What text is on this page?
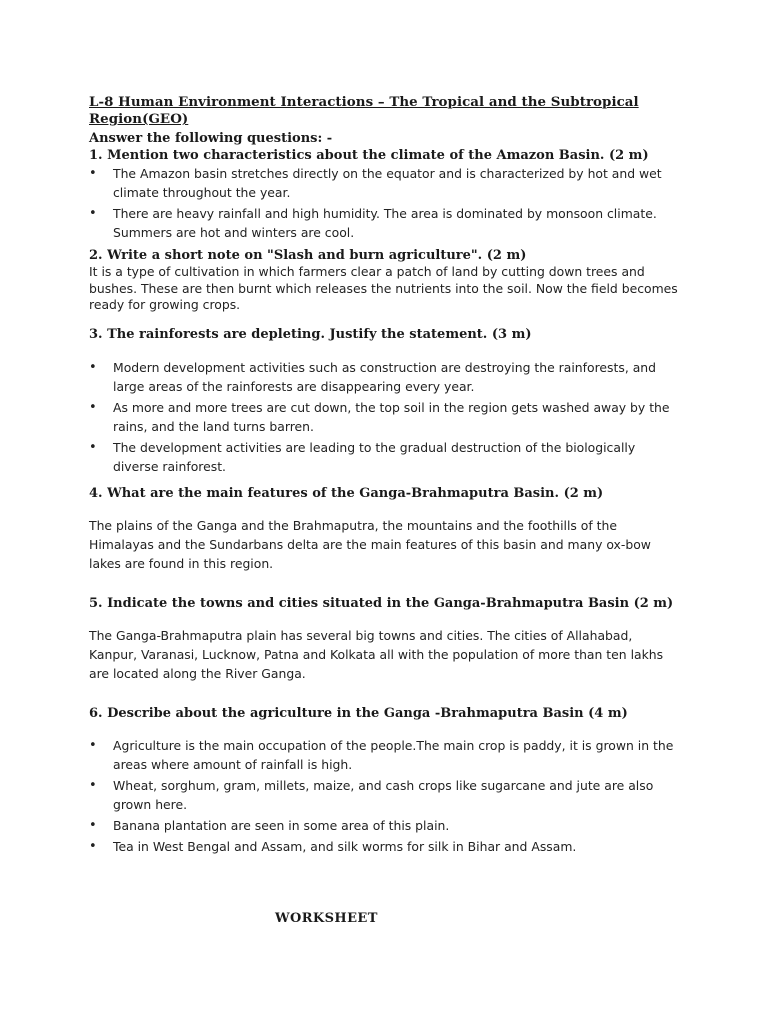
L-8 Human Environment Interactions – The Tropical and the Subtropical Region(GEO)

Answer the following questions: -

1. Mention two characteristics about the climate of the Amazon Basin. (2 m)

• The Amazon basin stretches directly on the equator and is characterized by hot and wet climate throughout the year.
• There are heavy rainfall and high humidity. The area is dominated by monsoon climate. Summers are hot and winters are cool.

2. Write a short note on "Slash and burn agriculture". (2 m)

It is a type of cultivation in which farmers clear a patch of land by cutting down trees and bushes. These are then burnt which releases the nutrients into the soil. Now the field becomes ready for growing crops.

3. The rainforests are depleting. Justify the statement. (3 m)

• Modern development activities such as construction are destroying the rainforests, and large areas of the rainforests are disappearing every year.
• As more and more trees are cut down, the top soil in the region gets washed away by the rains, and the land turns barren.
• The development activities are leading to the gradual destruction of the biologically diverse rainforest.

4. What are the main features of the Ganga-Brahmaputra Basin. (2 m)

The plains of the Ganga and the Brahmaputra, the mountains and the foothills of the Himalayas and the Sundarbans delta are the main features of this basin and many ox-bow lakes are found in this region.

5. Indicate the towns and cities situated in the Ganga-Brahmaputra Basin (2 m)

The Ganga-Brahmaputra plain has several big towns and cities. The cities of Allahabad, Kanpur, Varanasi, Lucknow, Patna and Kolkata all with the population of more than ten lakhs are located along the River Ganga.

6. Describe about the agriculture in the Ganga -Brahmaputra Basin (4 m)

• Agriculture is the main occupation of the people.The main crop is paddy, it is grown in the areas where amount of rainfall is high.
• Wheat, sorghum, gram, millets, maize, and cash crops like sugarcane and jute are also grown here.
• Banana plantation are seen in some area of this plain.
• Tea in West Bengal and Assam, and silk worms for silk in Bihar and Assam.
WORKSHEET
